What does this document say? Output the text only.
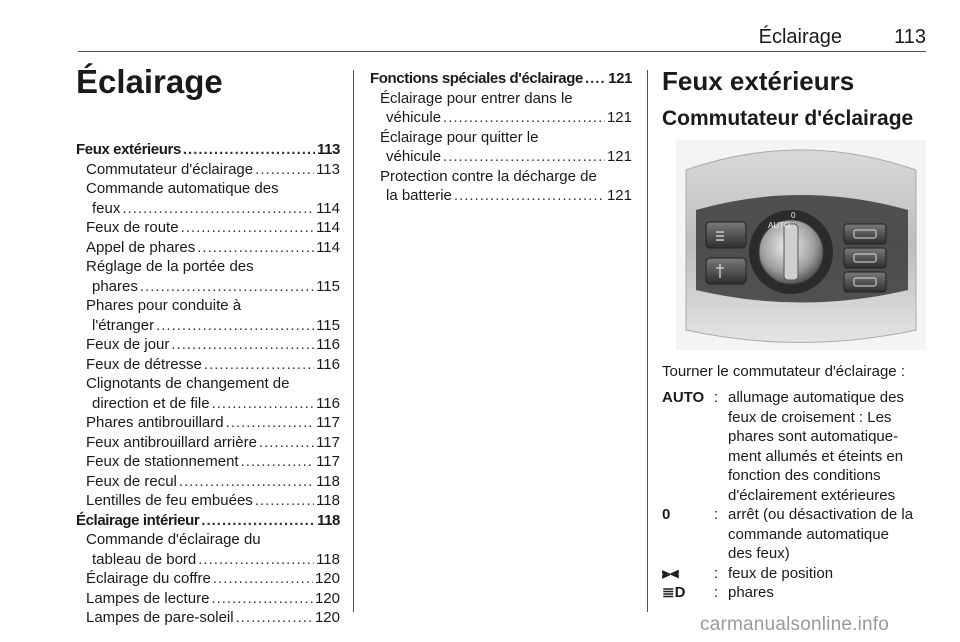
Éclairage	113
Éclairage
Feux extérieurs .....	113
Commutateur d'éclairage .....	113
Commande automatique des
feux .....	114
Feux de route .....	114
Appel de phares .....	114
Réglage de la portée des
phares .....	115
Phares pour conduite à
l'étranger .....	115
Feux de jour .....	116
Feux de détresse .....	116
Clignotants de changement de
direction et de file .....	116
Phares antibrouillard .....	117
Feux antibrouillard arrière .....	117
Feux de stationnement .....	117
Feux de recul .....	118
Lentilles de feu embuées .....	118
Éclairage intérieur .....	118
Commande d'éclairage du
tableau de bord .....	118
Éclairage du coffre .....	120
Lampes de lecture .....	120
Lampes de pare-soleil .....	120
Fonctions spéciales d'éclairage ..... 121
Éclairage pour entrer dans le
véhicule .....	121
Éclairage pour quitter le
véhicule .....	121
Protection contre la décharge de
la batterie .....	121
Feux extérieurs
Commutateur d'éclairage
AUTO
0

Tourner le commutateur d'éclairage :

AUTO : allumage automatique des
feux de croisement : Les
phares sont automatique-
ment allumés et éteints en
fonction des conditions
d'éclairement extérieures
0	: arrêt (ou désactivation de la
commande automatique
des feux)
⫸⫷	: feux de position
≣D	: phares
carmanualsonline.info
